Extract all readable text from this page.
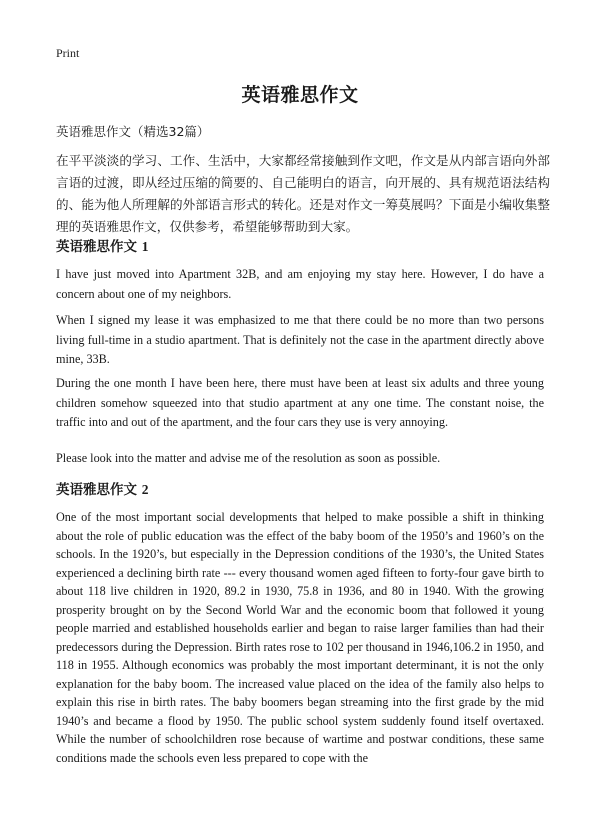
Print
英语雅思作文
英语雅思作文（精选32篇）

在平平淡淡的学习、工作、生活中，大家都经常接触到作文吧，作文是从内部言语向外部言语的过渡，即从经过压缩的简要的、自己能明白的语言，向开展的、具有规范语法结构的、能为他人所理解的外部语言形式的转化。还是对作文一筹莫展吗？下面是小编收集整理的英语雅思作文，仅供参考，希望能够帮助到大家。

英语雅思作文 1

I have just moved into Apartment 32B, and am enjoying my stay here. However, I do have a concern about one of my neighbors.

When I signed my lease it was emphasized to me that there could be no more than two persons living full-time in a studio apartment. That is definitely not the case in the apartment directly above mine, 33B.

During the one month I have been here, there must have been at least six adults and three young children somehow squeezed into that studio apartment at any one time. The constant noise, the traffic into and out of the apartment, and the four cars they use is very annoying.

Please look into the matter and advise me of the resolution as soon as possible.

英语雅思作文 2

One of the most important social developments that helped to make possible a shift in thinking about the role of public education was the effect of the baby boom of the 1950’s and 1960’s on the schools. In the 1920’s, but especially in the Depression conditions of the 1930’s, the United States experienced a declining birth rate --- every thousand women aged fifteen to forty-four gave birth to about 118 live children in 1920, 89.2 in 1930, 75.8 in 1936, and 80 in 1940. With the growing prosperity brought on by the Second World War and the economic boom that followed it young people married and established households earlier and began to raise larger families than had their predecessors during the Depression. Birth rates rose to 102 per thousand in 1946,106.2 in 1950, and 118 in 1955. Although economics was probably the most important determinant, it is not the only explanation for the baby boom. The increased value placed on the idea of the family also helps to explain this rise in birth rates. The baby boomers began streaming into the first grade by the mid 1940’s and became a flood by 1950. The public school system suddenly found itself overtaxed. While the number of schoolchildren rose because of wartime and postwar conditions, these same conditions made the schools even less prepared to cope with the
